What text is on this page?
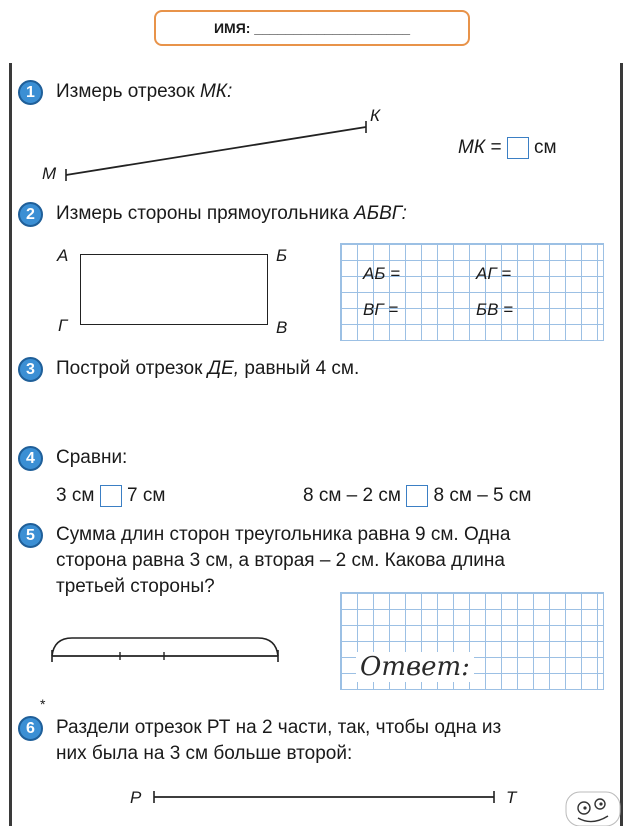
ИМЯ: ____________________
1	Измерь отрезок МК:
М
К
МК = см
2	Измерь стороны прямоугольника АБВГ:
А	Б
В
Г
АБ =	АГ =
ВГ =	БВ =
3	Построй отрезок ДЕ, равный 4 см.
4	Сравни:
3 см 7 см	8 см – 2 см 8 см – 5 см
5	Сумма длин сторон треугольника равна 9 см. Одна
сторона равна 3 см, а вторая – 2 см. Какова длина
третьей стороны?
Ответ:
*
6	Раздели отрезок РТ на 2 части, так, чтобы одна из
них была на 3 см больше второй:
Р	Т
